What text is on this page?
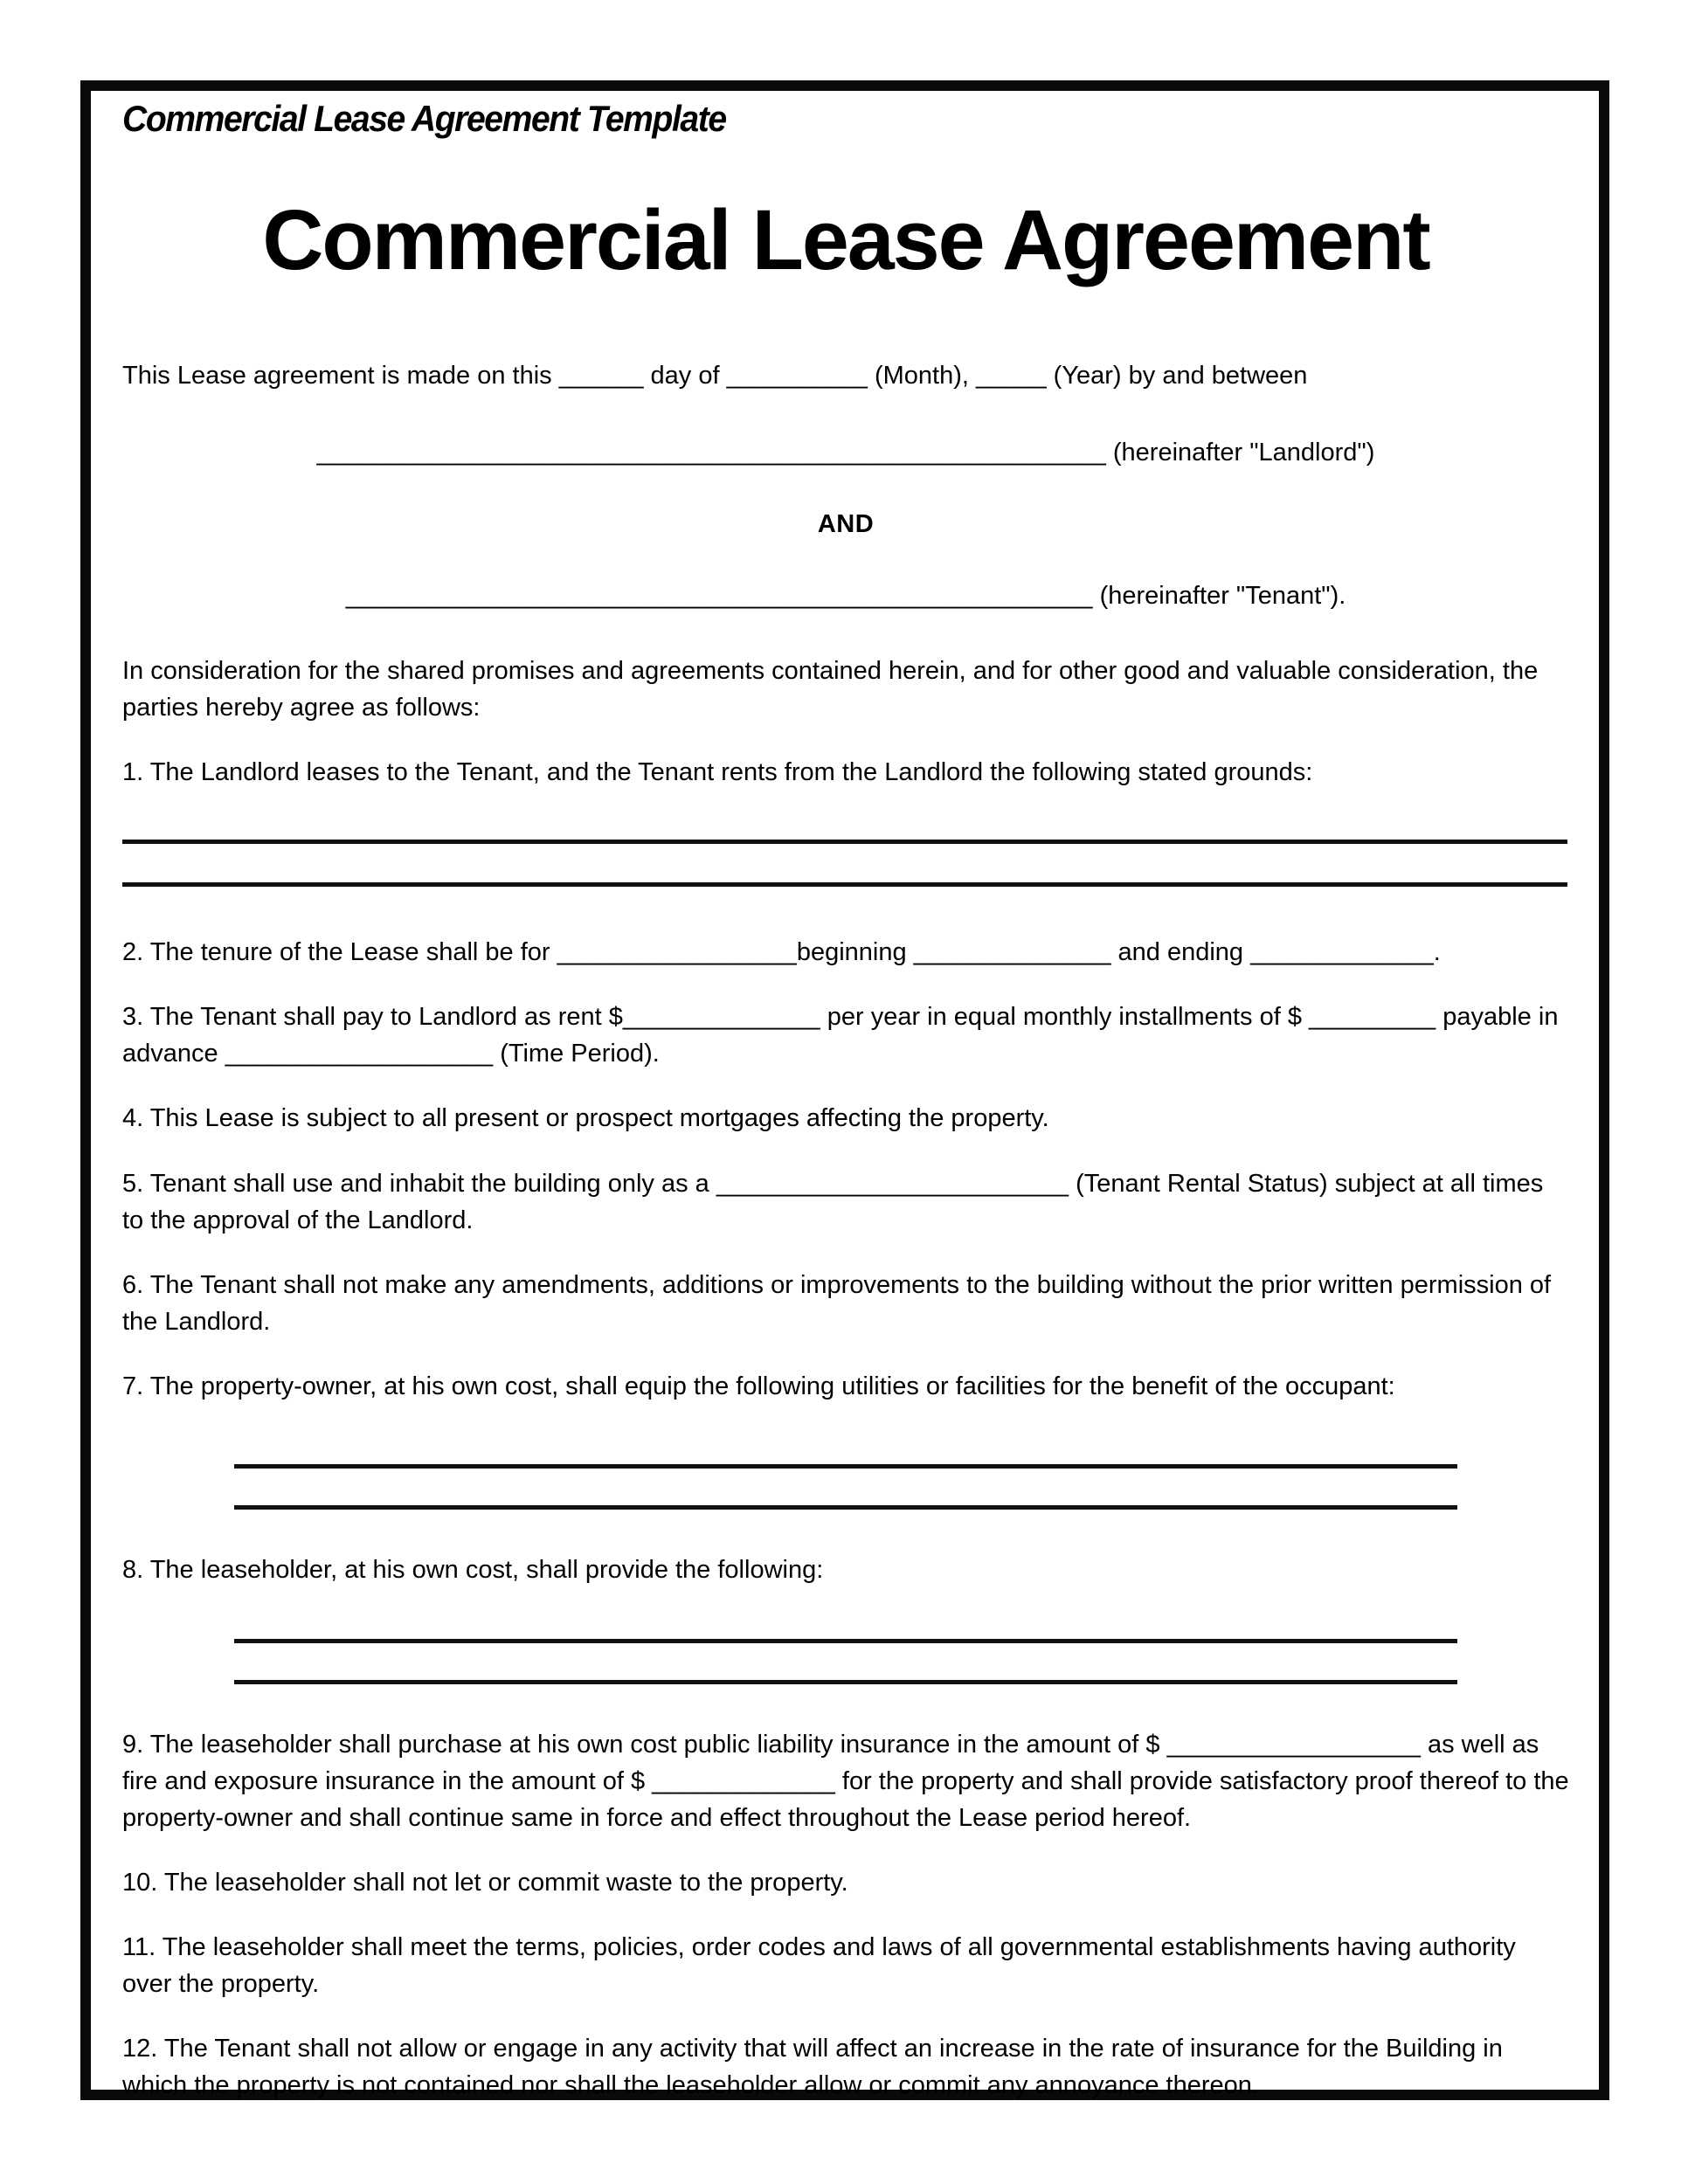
Commercial Lease Agreement Template
Commercial Lease Agreement

This Lease agreement is made on this ______ day of __________ (Month), _____ (Year) by and between

________________________________________________________ (hereinafter "Landlord")

AND

_____________________________________________________ (hereinafter "Tenant").

In consideration for the shared promises and agreements contained herein, and for other good and valuable consideration, the parties hereby agree as follows:

1. The Landlord leases to the Tenant, and the Tenant rents from the Landlord the following stated grounds:

2. The tenure of the Lease shall be for _________________beginning ______________ and ending _____________.

3. The Tenant shall pay to Landlord as rent $______________ per year in equal monthly installments of $ _________ payable in advance ___________________ (Time Period).

4. This Lease is subject to all present or prospect mortgages affecting the property.

5. Tenant shall use and inhabit the building only as a _________________________ (Tenant Rental Status) subject at all times to the approval of the Landlord.

6. The Tenant shall not make any amendments, additions or improvements to the building without the prior written permission of the Landlord.

7. The property-owner, at his own cost, shall equip the following utilities or facilities for the benefit of the occupant:

8. The leaseholder, at his own cost, shall provide the following:

9. The leaseholder shall purchase at his own cost public liability insurance in the amount of $ __________________ as well as fire and exposure insurance in the amount of $ _____________ for the property and shall provide satisfactory proof thereof to the property-owner and shall continue same in force and effect throughout the Lease period hereof.

10. The leaseholder shall not let or commit waste to the property.

11. The leaseholder shall meet the terms, policies, order codes and laws of all governmental establishments having authority over the property.

12. The Tenant shall not allow or engage in any activity that will affect an increase in the rate of insurance for the Building in which the property is not contained nor shall the leaseholder allow or commit any annoyance thereon.
